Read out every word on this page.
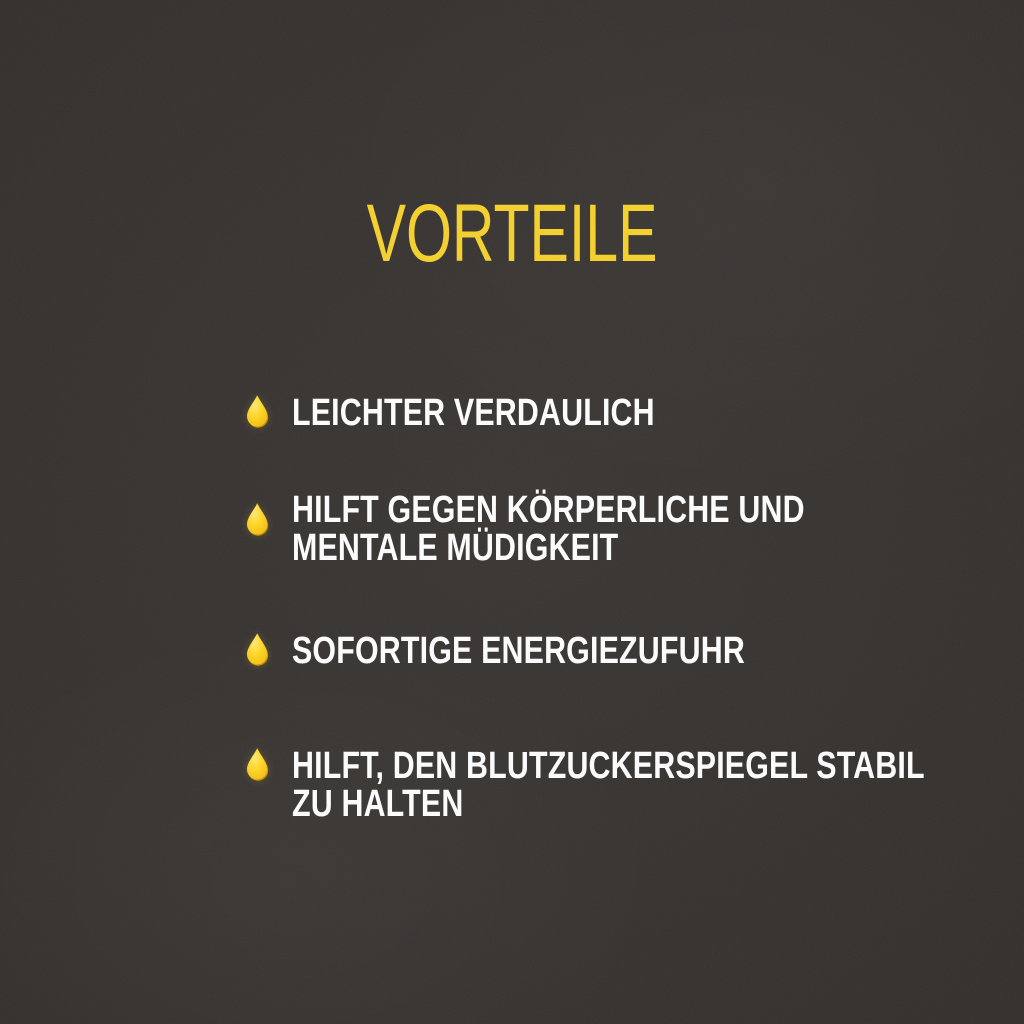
VORTEILE
LEICHTER VERDAULICH
HILFT GEGEN KÖRPERLICHE UND
MENTALE MÜDIGKEIT
SOFORTIGE ENERGIEZUFUHR
HILFT, DEN BLUTZUCKERSPIEGEL STABIL
ZU HALTEN
